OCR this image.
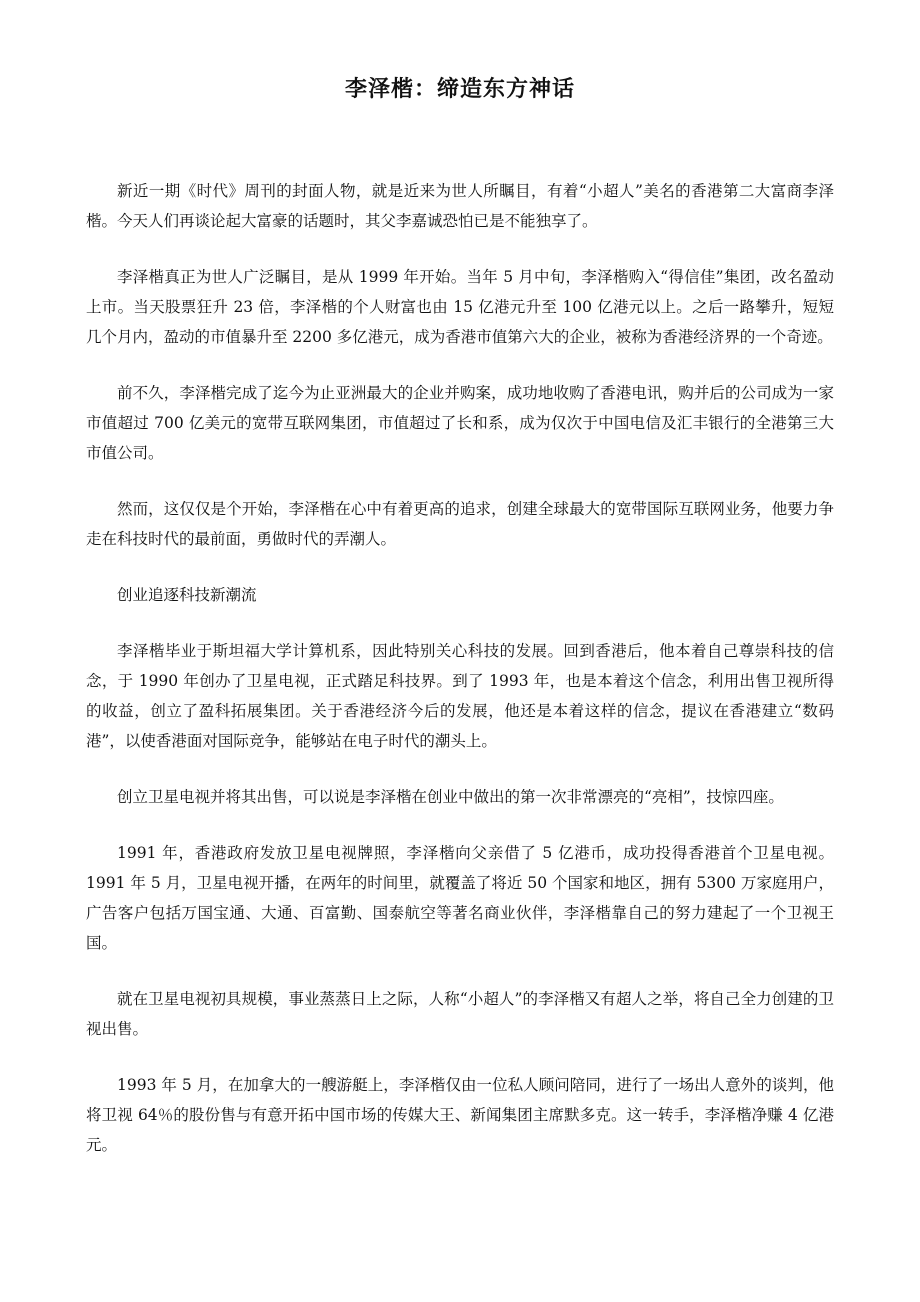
李泽楷：缔造东方神话

新近一期《时代》周刊的封面人物，就是近来为世人所瞩目，有着“小超人”美名的香港第二大富商李泽楷。今天人们再谈论起大富豪的话题时，其父李嘉诚恐怕已是不能独享了。

李泽楷真正为世人广泛瞩目，是从 1999 年开始。当年 5 月中旬，李泽楷购入“得信佳”集团，改名盈动上市。当天股票狂升 23 倍，李泽楷的个人财富也由 15 亿港元升至 100 亿港元以上。之后一路攀升，短短几个月内，盈动的市值暴升至 2200 多亿港元，成为香港市值第六大的企业，被称为香港经济界的一个奇迹。

前不久，李泽楷完成了迄今为止亚洲最大的企业并购案，成功地收购了香港电讯，购并后的公司成为一家市值超过 700 亿美元的宽带互联网集团，市值超过了长和系，成为仅次于中国电信及汇丰银行的全港第三大市值公司。

然而，这仅仅是个开始，李泽楷在心中有着更高的追求，创建全球最大的宽带国际互联网业务，他要力争走在科技时代的最前面，勇做时代的弄潮人。

创业追逐科技新潮流

李泽楷毕业于斯坦福大学计算机系，因此特别关心科技的发展。回到香港后，他本着自己尊崇科技的信念，于 1990 年创办了卫星电视，正式踏足科技界。到了 1993 年，也是本着这个信念，利用出售卫视所得的收益，创立了盈科拓展集团。关于香港经济今后的发展，他还是本着这样的信念，提议在香港建立“数码港”，以使香港面对国际竞争，能够站在电子时代的潮头上。

创立卫星电视并将其出售，可以说是李泽楷在创业中做出的第一次非常漂亮的“亮相”，技惊四座。

1991 年，香港政府发放卫星电视牌照，李泽楷向父亲借了 5 亿港币，成功投得香港首个卫星电视。1991 年 5 月，卫星电视开播，在两年的时间里，就覆盖了将近 50 个国家和地区，拥有 5300 万家庭用户，广告客户包括万国宝通、大通、百富勤、国泰航空等著名商业伙伴，李泽楷靠自己的努力建起了一个卫视王国。

就在卫星电视初具规模，事业蒸蒸日上之际，人称“小超人”的李泽楷又有超人之举，将自己全力创建的卫视出售。

1993 年 5 月，在加拿大的一艘游艇上，李泽楷仅由一位私人顾问陪同，进行了一场出人意外的谈判，他将卫视 64％的股份售与有意开拓中国市场的传媒大王、新闻集团主席默多克。这一转手，李泽楷净赚 4 亿港元。
